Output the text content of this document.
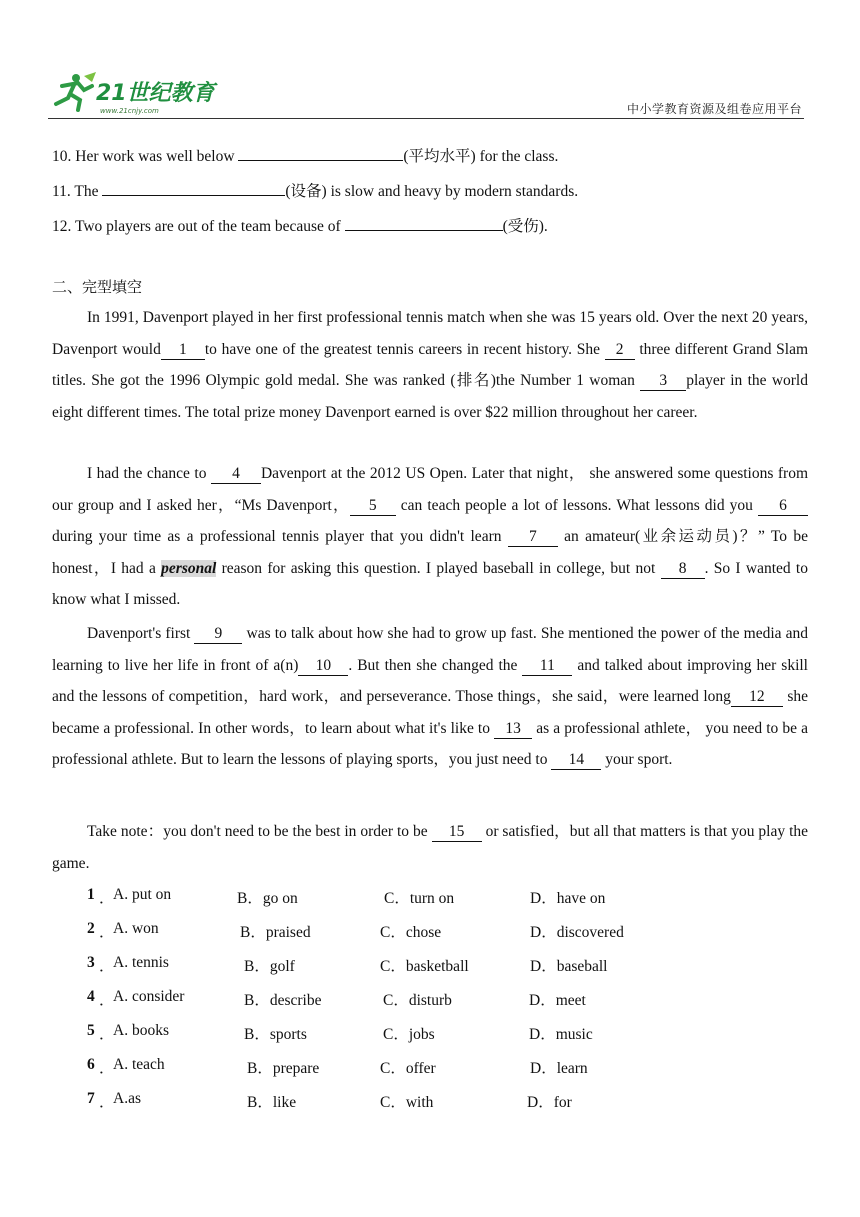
21世纪教育
www.21cnjy.com	中小学教育资源及组卷应用平台
10. Her work was well below	(平均水平) for the class.
11. The	(设备) is slow and heavy by modern standards.
12. Two players are out of the team because of	(受伤).
二、完型填空
In 1991, Davenport played in her first professional tennis match when she was 15 years old. Over the next 20 years, Davenport would 1 to have one of the greatest tennis careers in recent history. She 2 three different Grand Slam titles. She got the 1996 Olympic gold medal. She was ranked (排名)the Number 1 woman 3 player in the world eight different times. The total prize money Davenport earned is over $22 million throughout her career.
I had the chance to 4 Davenport at the 2012 US Open. Later that night， she answered some questions from our group and I asked her，“Ms Davenport， 5 can teach people a lot of lessons. What lessons did you 6 during your time as a professional tennis player that you didn't learn 7 an amateur(业余运动员)？” To be honest，I had a personal reason for asking this question. I played baseball in college, but not 8 . So I wanted to know what I missed.
Davenport's first 9 was to talk about how she had to grow up fast. She mentioned the power of the media and learning to live her life in front of a(n) 10 . But then she changed the 11 and talked about improving her skill and the lessons of competition，hard work，and perseverance. Those things，she said，were learned long 12 she became a professional. In other words，to learn about what it's like to 13 as a professional athlete， you need to be a professional athlete. But to learn the lessons of playing sports，you just need to 14 your sport.
Take note：you don't need to be the best in order to be 15 or satisfied，but all that matters is that you play the game.
1 ．
A. put on	B．go on	C．turn on	D．have on
2 ．
A. won	B．praised	C．chose	D．discovered
3 ．
A. tennis	B．golf	C．basketball	D．baseball
4 ．
A. consider	B．describe	C．disturb	D．meet
5 ．
A. books	B．sports	C．jobs	D．music
6 ．
A. teach	B．prepare	C．offer	D．learn
7 ．
A.as	B．like	C．with	D．for
